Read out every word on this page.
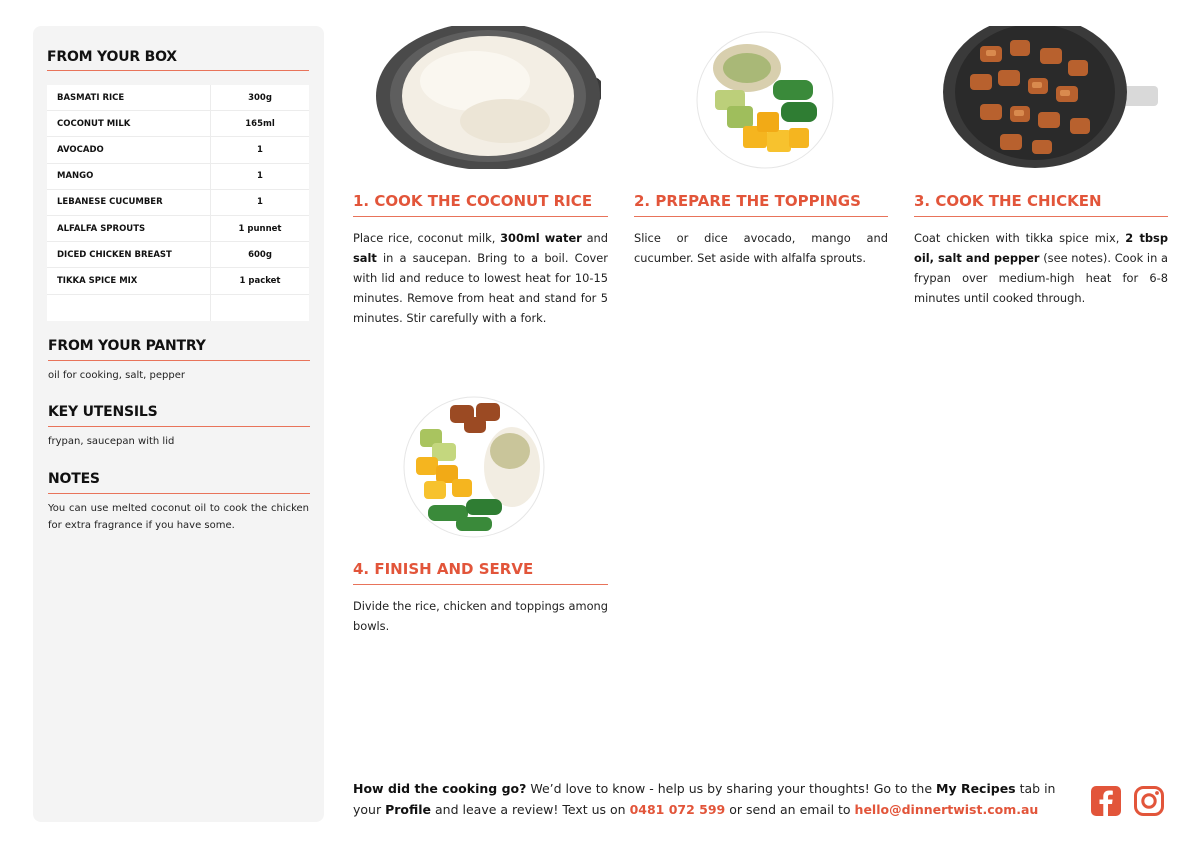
FROM YOUR BOX
BASMATI RICE	300g
COCONUT MILK	165ml
AVOCADO	1
MANGO	1
LEBANESE CUCUMBER	1
ALFALFA SPROUTS	1 punnet
DICED CHICKEN BREAST	600g
TIKKA SPICE MIX	1 packet
FROM YOUR PANTRY
oil for cooking, salt, pepper
KEY UTENSILS
frypan, saucepan with lid
NOTES
You can use melted coconut oil to cook the chicken for extra fragrance if you have some.
1. COOK THE COCONUT RICE
Place rice, coconut milk, 300ml water and salt in a saucepan. Bring to a boil. Cover with lid and reduce to lowest heat for 10-15 minutes. Remove from heat and stand for 5 minutes. Stir carefully with a fork.
2. PREPARE THE TOPPINGS
Slice or dice avocado, mango and cucumber. Set aside with alfalfa sprouts.
3. COOK THE CHICKEN
Coat chicken with tikka spice mix, 2 tbsp oil, salt and pepper (see notes). Cook in a frypan over medium-high heat for 6-8 minutes until cooked through.
4. FINISH AND SERVE
Divide the rice, chicken and toppings among bowls.
How did the cooking go? We’d love to know - help us by sharing your thoughts! Go to the My Recipes tab in your Profile and leave a review! Text us on 0481 072 599 or send an email to hello@dinnertwist.com.au
